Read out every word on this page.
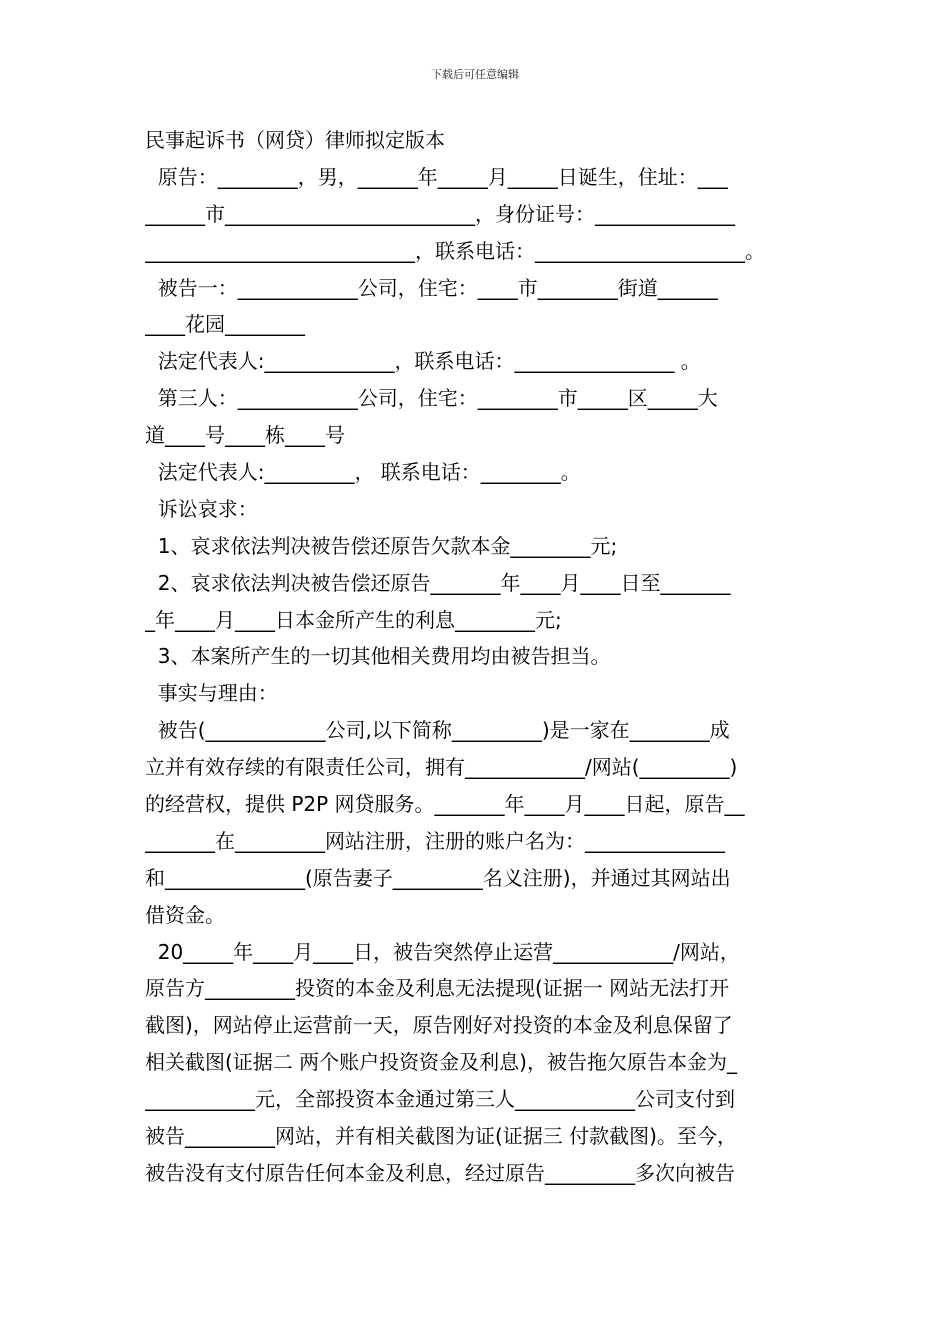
下载后可任意编辑
民事起诉书（网贷）律师拟定版本
原告：________，男，______年_____月_____日诞生，住址：___
______市_________________________，身份证号：______________
___________________________，联系电话：_____________________。
被告一：____________公司，住宅：____市________街道______
____花园________
法定代表人:_____________，联系电话：________________ 。
第三人：____________公司，住宅：________市_____区_____大
道____号____栋____号
法定代表人:_________， 联系电话：________。
诉讼哀求：
1、哀求依法判决被告偿还原告欠款本金________元;
2、哀求依法判决被告偿还原告_______年____月____日至_______
_年____月____日本金所产生的利息________元;
3、本案所产生的一切其他相关费用均由被告担当。
事实与理由：
被告(____________公司,以下简称_________)是一家在________成
立并有效存续的有限责任公司，拥有____________/网站(_________)
的经营权，提供 P2P 网贷服务。_______年____月____日起，原告__
_______在_________网站注册，注册的账户名为：______________
和______________(原告妻子_________名义注册)，并通过其网站出
借资金。
20_____年____月____日，被告突然停止运营____________/网站，
原告方_________投资的本金及利息无法提现(证据一 网站无法打开
截图)，网站停止运营前一天，原告刚好对投资的本金及利息保留了
相关截图(证据二 两个账户投资资金及利息)，被告拖欠原告本金为_
___________元，全部投资本金通过第三人____________公司支付到
被告_________网站，并有相关截图为证(证据三 付款截图)。至今，
被告没有支付原告任何本金及利息，经过原告_________多次向被告
